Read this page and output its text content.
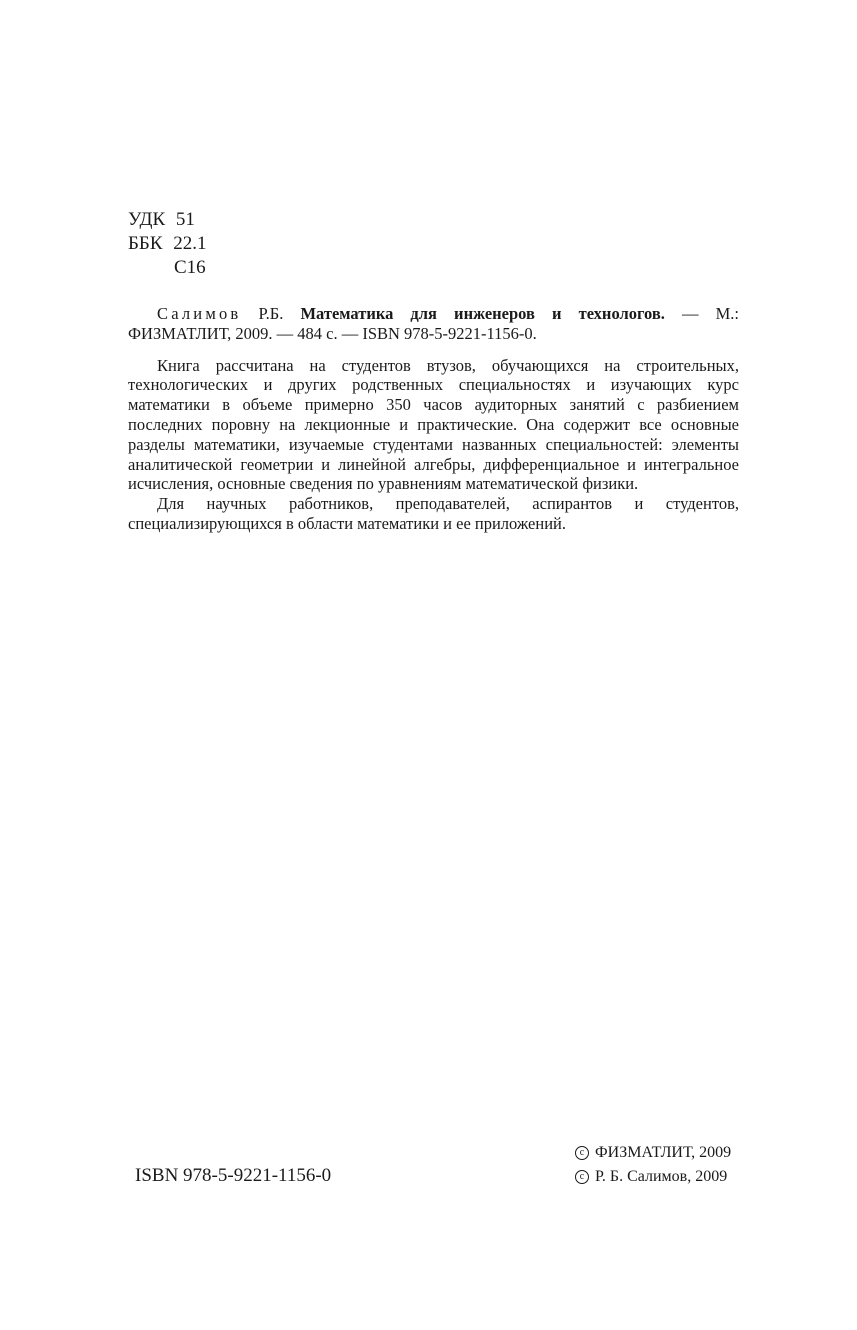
УДК 51
ББК 22.1
С16

Салимов Р.Б. Математика для инженеров и технологов. — М.: ФИЗМАТЛИТ, 2009. — 484 с. — ISBN 978-5-9221-1156-0.

Книга рассчитана на студентов втузов, обучающихся на строительных, технологических и других родственных специальностях и изучающих курс математики в объеме примерно 350 часов аудиторных занятий с разбиением последних поровну на лекционные и практические. Она содержит все основные разделы математики, изучаемые студентами названных специальностей: элементы аналитической геометрии и линейной алгебры, дифференциальное и интегральное исчисления, основные сведения по уравнениям математической физики.

Для научных работников, преподавателей, аспирантов и студентов, специализирующихся в области математики и ее приложений.

ISBN 978-5-9221-1156-0
c ФИЗМАТЛИТ, 2009
c Р. Б. Салимов, 2009
